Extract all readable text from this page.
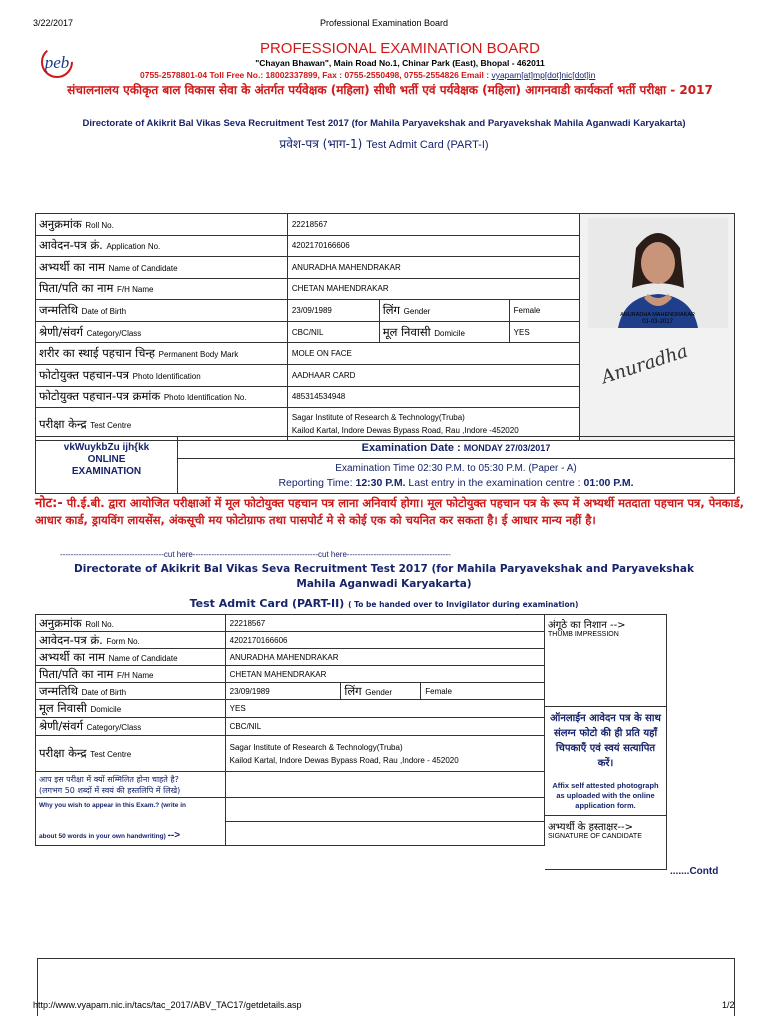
3/22/2017	Professional Examination Board
peb
PROFESSIONAL EXAMINATION BOARD
"Chayan Bhawan", Main Road No.1, Chinar Park (East), Bhopal - 462011
0755-2578801-04 Toll Free No.: 18002337899, Fax : 0755-2550498, 0755-2554826 Email : vyapam[at]mp[dot]nic[dot]in
संचालनालय एकीकृत बाल विकास सेवा के अंतर्गत पर्यवेक्षक (महिला) सीधी भर्ती एवं पर्यवेक्षक (महिला) आगनवाडी कार्यकर्ता भर्ती परीक्षा - 2017
Directorate of Akikrit Bal Vikas Seva Recruitment Test 2017 (for Mahila Paryavekshak and Paryavekshak Mahila Aganwadi Karyakarta)
प्रवेश-पत्र (भाग-1) Test Admit Card (PART-I)
अनुक्रमांक Roll No.	22218567			ANURADHA MAHENDRAKAR
01-03-2017
Anuradha

आवेदन-पत्र क्रं. Application No.	4202170166606			
अभ्यर्थी का नाम Name of Candidate	ANURADHA MAHENDRAKAR			
पिता/पति का नाम F/H Name	CHETAN MAHENDRAKAR			
जन्मतिथि Date of Birth	23/09/1989	लिंग Gender	Female	
श्रेणी/संवर्ग Category/Class	CBC/NIL	मूल निवासी Domicile	YES	
शरीर का स्थाई पहचान चिन्ह Permanent Body Mark	MOLE ON FACE			
फोटोयुक्त पहचान-पत्र Photo Identification	AADHAAR CARD			
फोटोयुक्त पहचान-पत्र क्रमांक Photo Identification No.	485314534948			
परीक्षा केन्द्र Test Centre	Sagar Institute of Research & Technology(Truba)
Kailod Kartal, Indore Dewas Bypass Road, Rau ,Indore -452020			
vkWuykbZu ijh{kk
ONLINE
EXAMINATION
Examination Date : MONDAY 27/03/2017
Examination Time 02:30 P.M. to 05:30 P.M. (Paper - A)
Reporting Time: 12:30 P.M. Last entry in the examination centre : 01:00 P.M.
नोट:- पी.ई.बी. द्वारा आयोजित परीक्षाओं में मूल फोटोयुक्त पहचान पत्र लाना अनिवार्य होगा। मूल फोटोयुक्त पहचान पत्र के रूप में अभ्यर्थी मतदाता पहचान पत्र, पेनकार्ड, आधार कार्ड, ड्रायविंग लायसेंस, अंकसूची मय फोटोग्राफ तथा पासपोर्ट मे से कोई एक को चयनित कर सकता है। ई आधार मान्य नहीं है।
---------------------------------------cut here-----------------------------------------------cut here---------------------------------------
Directorate of Akikrit Bal Vikas Seva Recruitment Test 2017 (for Mahila Paryavekshak and Paryavekshak
Mahila Aganwadi Karyakarta)
Test Admit Card (PART-II) ( To be handed over to Invigilator during examination)
अनुक्रमांक Roll No.	22218567		
आवेदन-पत्र क्रं. Form No.	4202170166606		
अभ्यर्थी का नाम Name of Candidate	ANURADHA MAHENDRAKAR		
पिता/पति का नाम F/H Name	CHETAN MAHENDRAKAR		
जन्मतिथि Date of Birth	23/09/1989	लिंग Gender	Female
मूल निवासी Domicile	YES		
श्रेणी/संवर्ग Category/Class	CBC/NIL		
परीक्षा केन्द्र Test Centre	Sagar Institute of Research & Technology(Truba)
Kailod Kartal, Indore Dewas Bypass Road, Rau ,Indore - 452020		

आप इस परीक्षा में क्यों सम्मिलित होना चाहते है?
(लगभग 50 शब्दों में स्वयं की हस्तलिपि में लिखे)			

Why you wish to appear in this Exam.? (write in
about 50 words in your own handwriting) -->			

अंगूठे का निशान -->
THUMB IMPRESSION
ऑनलाईन आवेदन पत्र के साथ संलग्न फोटो की ही प्रति यहाँ चिपकाएँ एवं स्वयं सत्यापित करें।
Affix self attested photograph as uploaded with the online application form.
अभ्यर्थी के हस्ताक्षर-->
SIGNATURE OF CANDIDATE
.......Contd
http://www.vyapam.nic.in/tacs/tac_2017/ABV_TAC17/getdetails.asp	1/2
